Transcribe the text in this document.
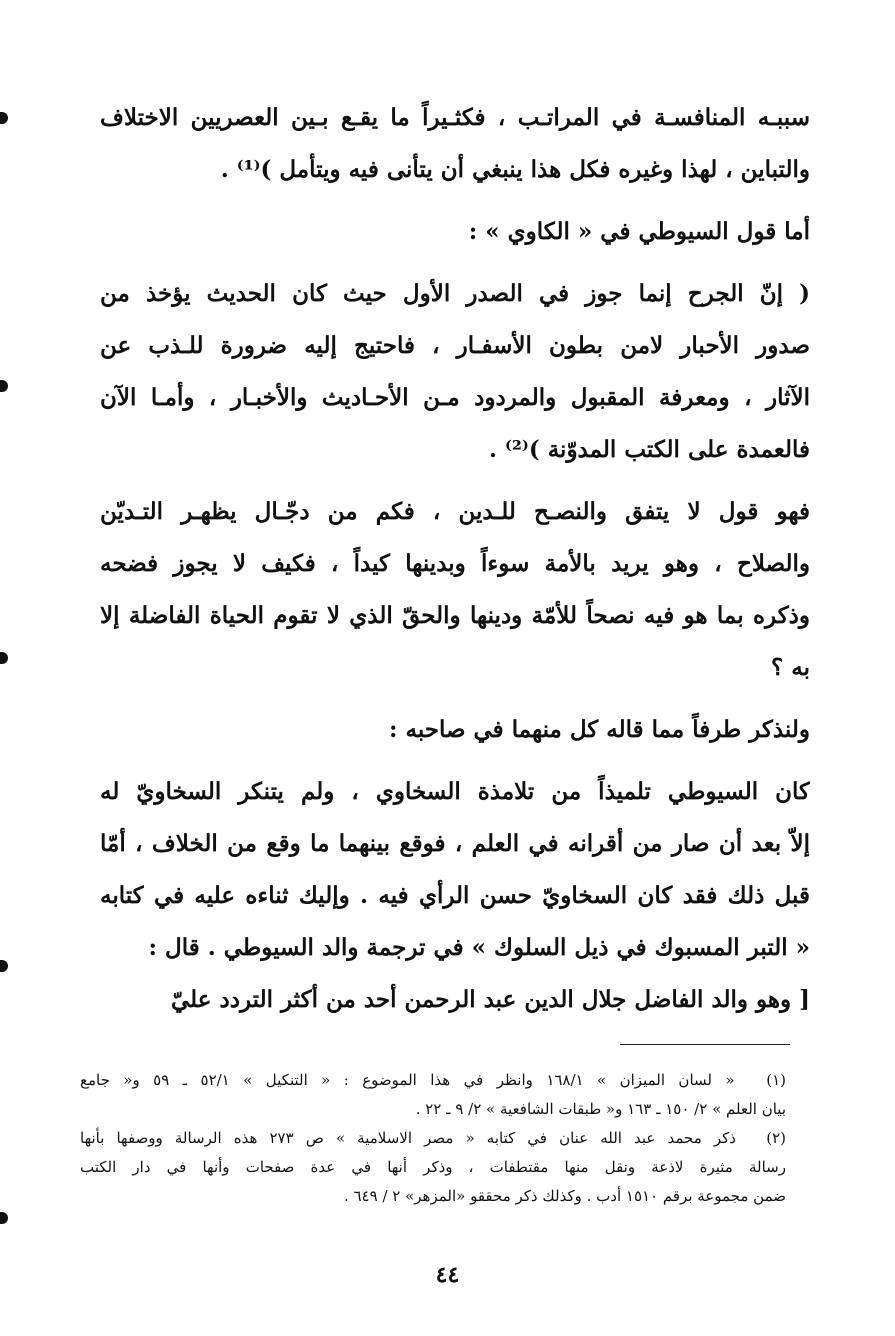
سببـه المنافسـة في المراتـب ، فكثـيراً ما يقـع بـين العصريين الاختلاف
والتباين ، لهذا وغيره فكل هذا ينبغي أن يتأنى فيه ويتأمل )⁽¹⁾ .
أما قول السيوطي في « الكاوي » :
( إنّ الجرح إنما جوز في الصدر الأول حيث كان الحديث يؤخذ من
صدور الأحبار لامن بطون الأسفـار ، فاحتيج إليه ضرورة للـذب عن
الآثار ، ومعرفة المقبول والمردود مـن الأحـاديث والأخبـار ، وأمـا الآن
فالعمدة على الكتب المدوّنة )⁽²⁾ .
فهو قول لا يتفق والنصـح للـدين ، فكم من دجّـال يظهـر التـديّن
والصلاح ، وهو يريد بالأمة سوءاً وبدينها كيداً ، فكيف لا يجوز فضحه
وذكره بما هو فيه نصحاً للأمّة ودينها والحقّ الذي لا تقوم الحياة الفاضلة إلا
به ؟
ولنذكر طرفاً مما قاله كل منهما في صاحبه :
كان السيوطي تلميذاً من تلامذة السخاوي ، ولم يتنكر السخاويّ له
إلاّ بعد أن صار من أقرانه في العلم ، فوقع بينهما ما وقع من الخلاف ، أمّا
قبل ذلك فقد كان السخاويّ حسن الرأي فيه . وإليك ثناءه عليه في كتابه
« التبر المسبوك في ذيل السلوك » في ترجمة والد السيوطي . قال :
[ وهو والد الفاضل جلال الدين عبد الرحمن أحد من أكثر التردد عليّ
(١) « لسان الميزان » ١٦٨/١ وانظر في هذا الموضوع : « التنكيل » ٥٢/١ ـ ٥٩ و« جامع
بيان العلم » ٢/ ١٥٠ ـ ١٦٣ و« طبقات الشافعية » ٢/ ٩ ـ ٢٢ .
(٢) ذكر محمد عبد الله عنان في كتابه « مصر الاسلامية » ص ٢٧٣ هذه الرسالة ووصفها بأنها
رسالة مثيرة لاذعة ونقل منها مقتطفات ، وذكر أنها في عدة صفحات وأنها في دار الكتب
ضمن مجموعة برقم ١٥١٠ أدب . وكذلك ذكر محققو «المزهر» ٢ / ٦٤٩ .
٤٤
